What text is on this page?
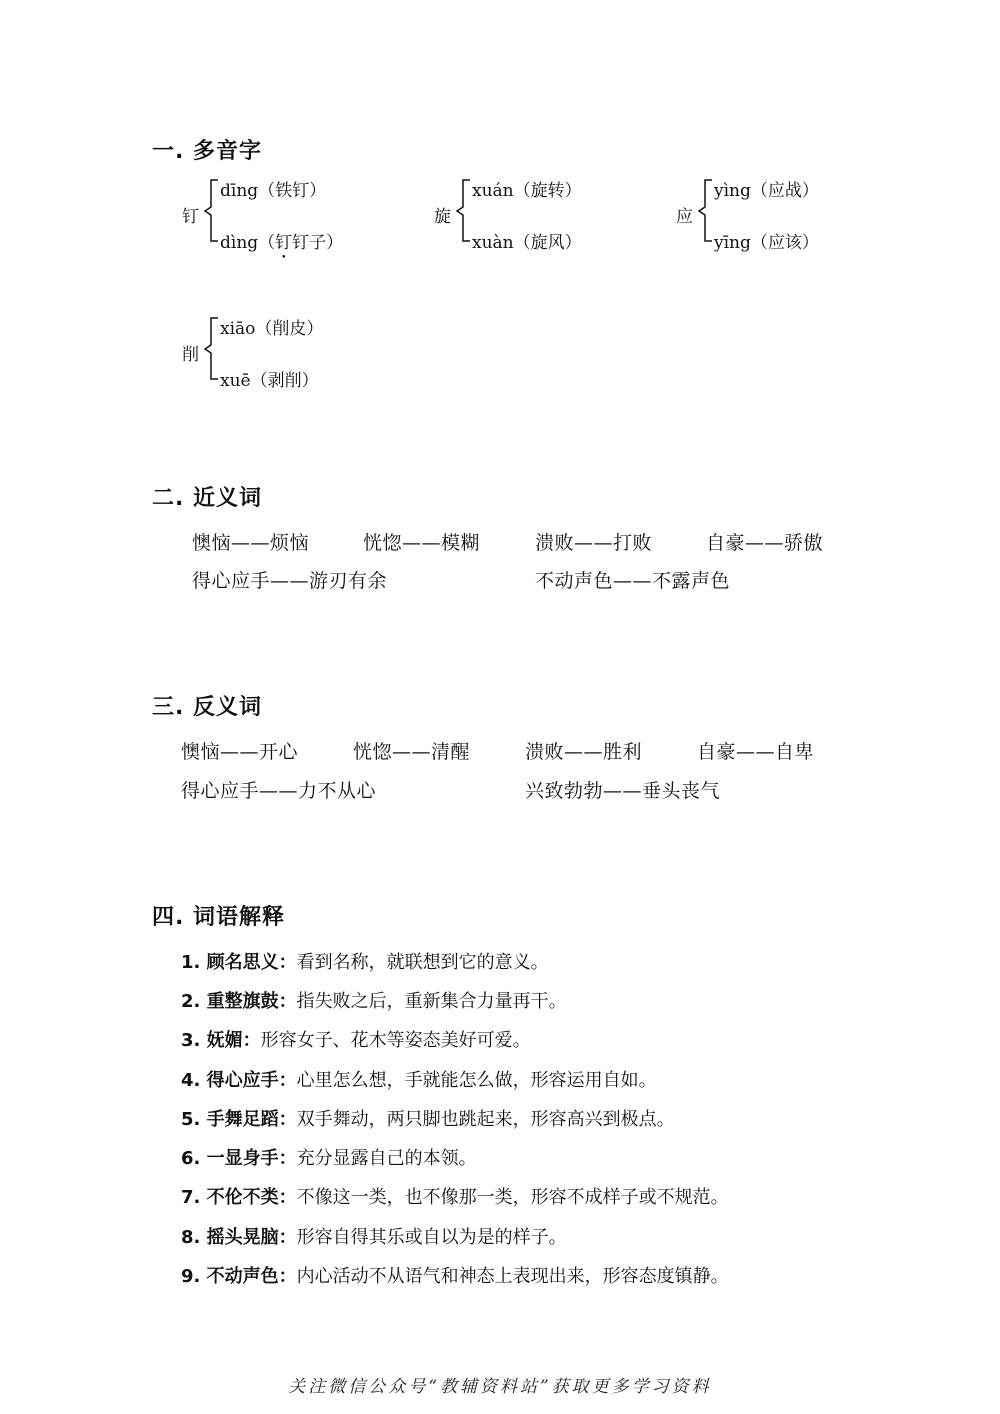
一. 多音字
钉
dīng（铁钉）
dìng（钉钉子）
旋
xuán（旋转）
xuàn（旋风）
应
yìng（应战）
yīng（应该）
削
xiāo（削皮）
xuē（剥削）
二. 近义词
懊恼——烦恼	恍惚——模糊	溃败——打败	自豪——骄傲
得心应手——游刃有余	不动声色——不露声色
三. 反义词
懊恼——开心	恍惚——清醒	溃败——胜利	自豪——自卑
得心应手——力不从心	兴致勃勃——垂头丧气
四. 词语解释
1. 顾名思义：看到名称，就联想到它的意义。
2. 重整旗鼓：指失败之后，重新集合力量再干。
3. 妩媚：形容女子、花木等姿态美好可爱。
4. 得心应手：心里怎么想，手就能怎么做，形容运用自如。
5. 手舞足蹈：双手舞动，两只脚也跳起来，形容高兴到极点。
6. 一显身手：充分显露自己的本领。
7. 不伦不类：不像这一类，也不像那一类，形容不成样子或不规范。
8. 摇头晃脑：形容自得其乐或自以为是的样子。
9. 不动声色：内心活动不从语气和神态上表现出来，形容态度镇静。
关注微信公众号“教辅资料站”获取更多学习资料
